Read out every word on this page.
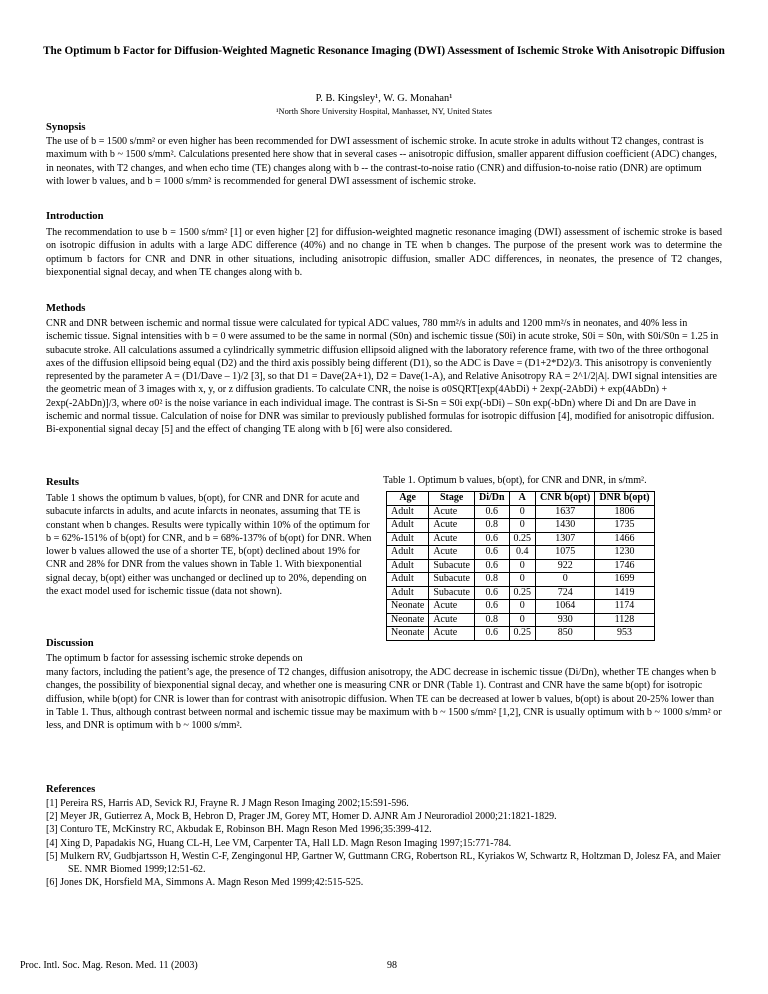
The Optimum b Factor for Diffusion-Weighted Magnetic Resonance Imaging (DWI) Assessment of Ischemic Stroke With Anisotropic Diffusion
P. B. Kingsley¹, W. G. Monahan¹
¹North Shore University Hospital, Manhasset, NY, United States
Synopsis
The use of b = 1500 s/mm² or even higher has been recommended for DWI assessment of ischemic stroke. In acute stroke in adults without T2 changes, contrast is maximum with b ~ 1500 s/mm². Calculations presented here show that in several cases -- anisotropic diffusion, smaller apparent diffusion coefficient (ADC) changes, in neonates, with T2 changes, and when echo time (TE) changes along with b -- the contrast-to-noise ratio (CNR) and diffusion-to-noise ratio (DNR) are optimum with lower b values, and b = 1000 s/mm² is recommended for general DWI assessment of ischemic stroke.
Introduction
The recommendation to use b = 1500 s/mm² [1] or even higher [2] for diffusion-weighted magnetic resonance imaging (DWI) assessment of ischemic stroke is based on isotropic diffusion in adults with a large ADC difference (40%) and no change in TE when b changes. The purpose of the present work was to determine the optimum b factors for CNR and DNR in other situations, including anisotropic diffusion, smaller ADC differences, in neonates, the presence of T2 changes, biexponential signal decay, and when TE changes along with b.
Methods
CNR and DNR between ischemic and normal tissue were calculated for typical ADC values, 780 mm²/s in adults and 1200 mm²/s in neonates, and 40% less in ischemic tissue. Signal intensities with b = 0 were assumed to be the same in normal (S0n) and ischemic tissue (S0i) in acute stroke, S0i = S0n, with S0i/S0n = 1.25 in subacute stroke. All calculations assumed a cylindrically symmetric diffusion ellipsoid aligned with the laboratory reference frame, with two of the three orthogonal axes of the diffusion ellipsoid being equal (D2) and the third axis possibly being different (D1), so the ADC is Dave = (D1+2*D2)/3. This anisotropy is conveniently represented by the parameter A = (D1/Dave – 1)/2 [3], so that D1 = Dave(2A+1), D2 = Dave(1-A), and Relative Anisotropy RA = 2^1/2|A|. DWI signal intensities are the geometric mean of 3 images with x, y, or z diffusion gradients. To calculate CNR, the noise is σ0SQRT[exp(4AbDi) + 2exp(-2AbDi) + exp(4AbDn) + 2exp(-2AbDn)]/3, where σ0² is the noise variance in each individual image. The contrast is Si-Sn = S0i exp(-bDi) – S0n exp(-bDn) where Di and Dn are Dave in ischemic and normal tissue. Calculation of noise for DNR was similar to previously published formulas for isotropic diffusion [4], modified for anisotropic diffusion. Bi-exponential signal decay [5] and the effect of changing TE along with b [6] were also considered.
Results
Table 1 shows the optimum b values, b(opt), for CNR and DNR for acute and subacute infarcts in adults, and acute infarcts in neonates, assuming that TE is constant when b changes. Results were typically within 10% of the optimum for b = 62%-151% of b(opt) for CNR, and b = 68%-137% of b(opt) for DNR. When lower b values allowed the use of a shorter TE, b(opt) declined about 19% for CNR and 28% for DNR from the values shown in Table 1. With biexponential signal decay, b(opt) either was unchanged or declined up to 20%, depending on the exact model used for ischemic tissue (data not shown).
Table 1. Optimum b values, b(opt), for CNR and DNR, in s/mm².
Age	Stage	Di/Dn	A	CNR b(opt)	DNR b(opt)
Adult	Acute	0.6	0	1637	1806
Adult	Acute	0.8	0	1430	1735
Adult	Acute	0.6	0.25	1307	1466
Adult	Acute	0.6	0.4	1075	1230
Adult	Subacute	0.6	0	922	1746
Adult	Subacute	0.8	0	0	1699
Adult	Subacute	0.6	0.25	724	1419
Neonate	Acute	0.6	0	1064	1174
Neonate	Acute	0.8	0	930	1128
Neonate	Acute	0.6	0.25	850	953
Discussion
The optimum b factor for assessing ischemic stroke depends on
many factors, including the patient’s age, the presence of T2 changes, diffusion anisotropy, the ADC decrease in ischemic tissue (Di/Dn), whether TE changes when b changes, the possibility of biexponential signal decay, and whether one is measuring CNR or DNR (Table 1). Contrast and CNR have the same b(opt) for isotropic diffusion, while b(opt) for CNR is lower than for contrast with anisotropic diffusion. When TE can be decreased at lower b values, b(opt) is about 20-25% lower than in Table 1. Thus, although contrast between normal and ischemic tissue may be maximum with b ~ 1500 s/mm² [1,2], CNR is usually optimum with b ~ 1000 s/mm² or less, and DNR is optimum with b ~ 1000 s/mm².
References
[1] Pereira RS, Harris AD, Sevick RJ, Frayne R. J Magn Reson Imaging 2002;15:591-596.
[2] Meyer JR, Gutierrez A, Mock B, Hebron D, Prager JM, Gorey MT, Homer D. AJNR Am J Neuroradiol 2000;21:1821-1829.
[3] Conturo TE, McKinstry RC, Akbudak E, Robinson BH. Magn Reson Med 1996;35:399-412.
[4] Xing D, Papadakis NG, Huang CL-H, Lee VM, Carpenter TA, Hall LD. Magn Reson Imaging 1997;15:771-784.
[5] Mulkern RV, Gudbjartsson H, Westin C-F, Zengingonul HP, Gartner W, Guttmann CRG, Robertson RL, Kyriakos W, Schwartz R, Holtzman D, Jolesz FA, and Maier SE. NMR Biomed 1999;12:51-62.
[6] Jones DK, Horsfield MA, Simmons A. Magn Reson Med 1999;42:515-525.
Proc. Intl. Soc. Mag. Reson. Med. 11 (2003)	98
